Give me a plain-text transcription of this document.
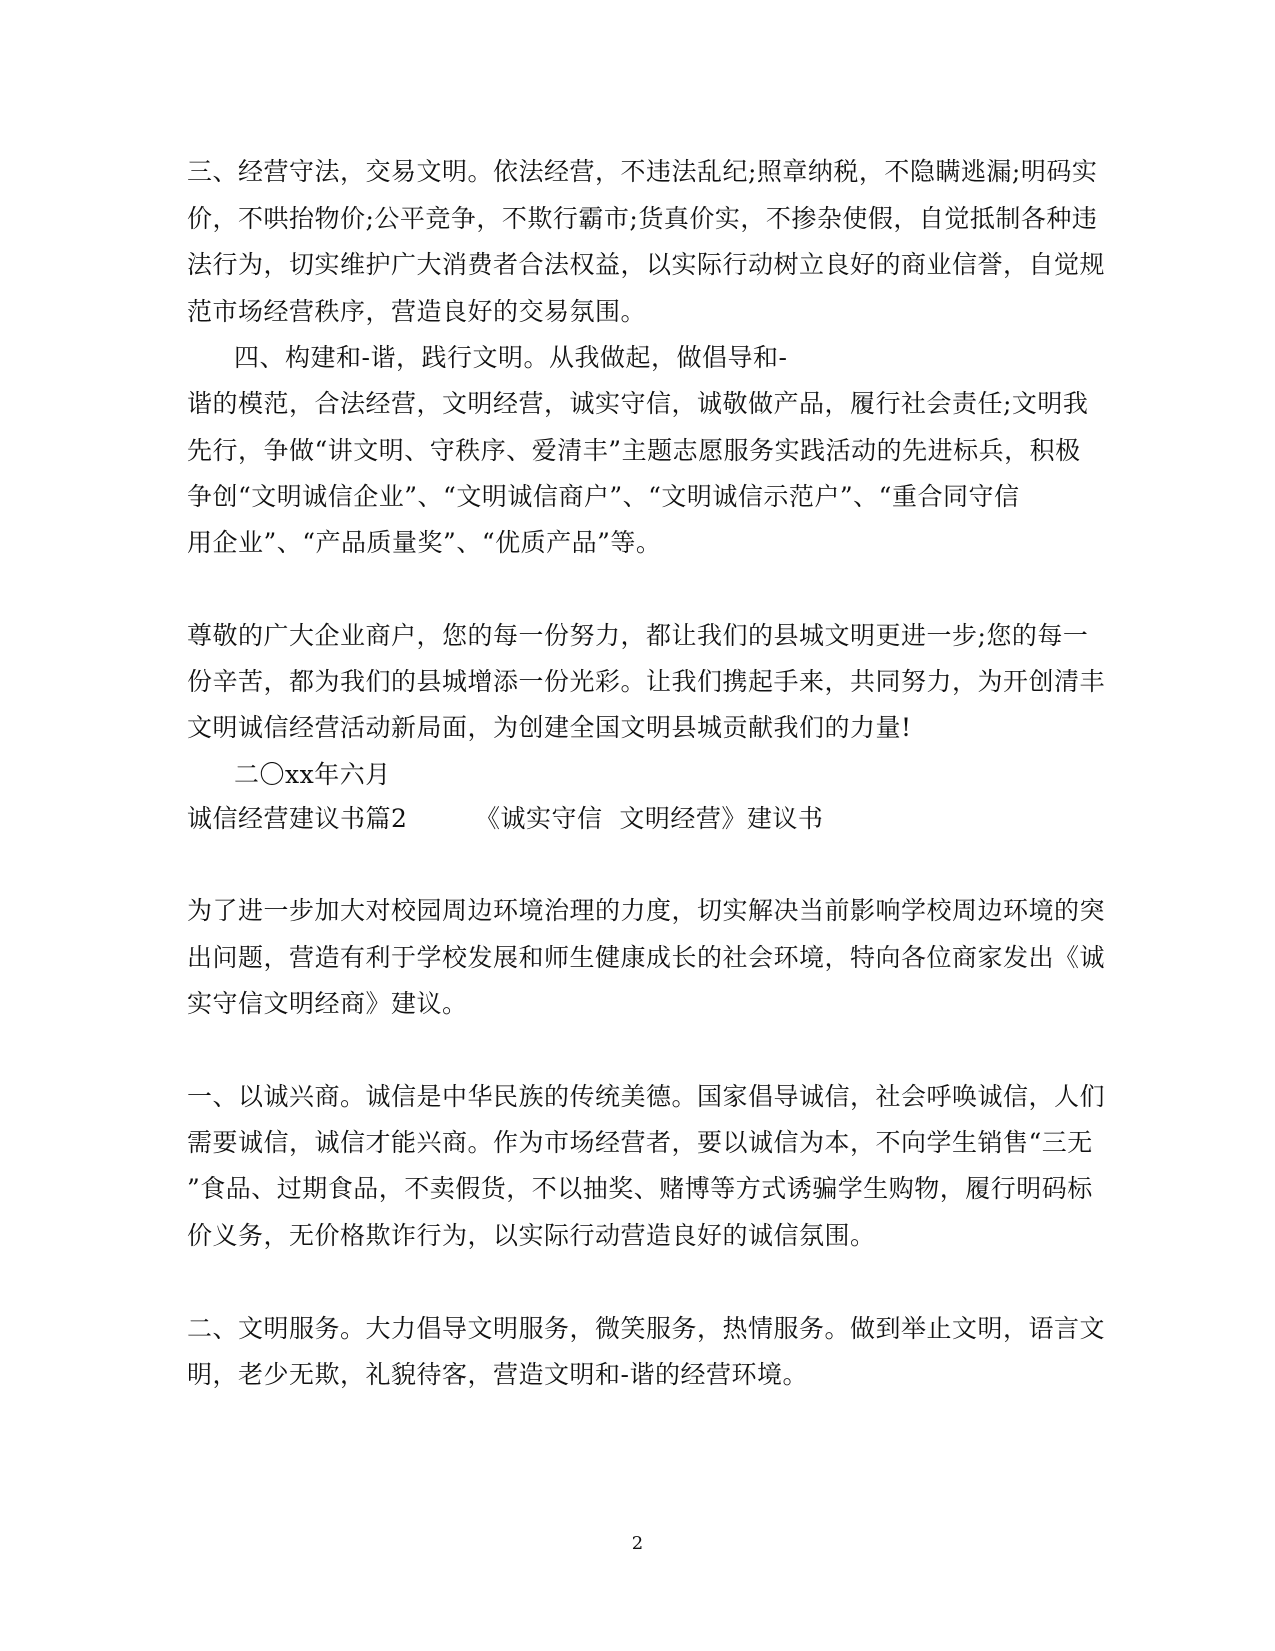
三、经营守法，交易文明。依法经营，不违法乱纪;照章纳税，不隐瞒逃漏;明码实
价，不哄抬物价;公平竞争，不欺行霸市;货真价实，不掺杂使假，自觉抵制各种违
法行为，切实维护广大消费者合法权益，以实际行动树立良好的商业信誉，自觉规
范市场经营秩序，营造良好的交易氛围。
四、构建和-谐，践行文明。从我做起，做倡导和-
谐的模范，合法经营，文明经营，诚实守信，诚敬做产品，履行社会责任;文明我
先行，争做“讲文明、守秩序、爱清丰”主题志愿服务实践活动的先进标兵，积极
争创“文明诚信企业”、“文明诚信商户”、“文明诚信示范户”、“重合同守信
用企业”、“产品质量奖”、“优质产品”等。
尊敬的广大企业商户，您的每一份努力，都让我们的县城文明更进一步;您的每一
份辛苦，都为我们的县城增添一份光彩。让我们携起手来，共同努力，为开创清丰
文明诚信经营活动新局面，为创建全国文明县城贡献我们的力量!
二〇xx年六月
诚信经营建议书篇2        《诚实守信  文明经营》建议书
为了进一步加大对校园周边环境治理的力度，切实解决当前影响学校周边环境的突
出问题，营造有利于学校发展和师生健康成长的社会环境，特向各位商家发出《诚
实守信文明经商》建议。
一、以诚兴商。诚信是中华民族的传统美德。国家倡导诚信，社会呼唤诚信，人们
需要诚信，诚信才能兴商。作为市场经营者，要以诚信为本，不向学生销售“三无
”食品、过期食品，不卖假货，不以抽奖、赌博等方式诱骗学生购物，履行明码标
价义务，无价格欺诈行为，以实际行动营造良好的诚信氛围。
二、文明服务。大力倡导文明服务，微笑服务，热情服务。做到举止文明，语言文
明，老少无欺，礼貌待客，营造文明和-谐的经营环境。
2
